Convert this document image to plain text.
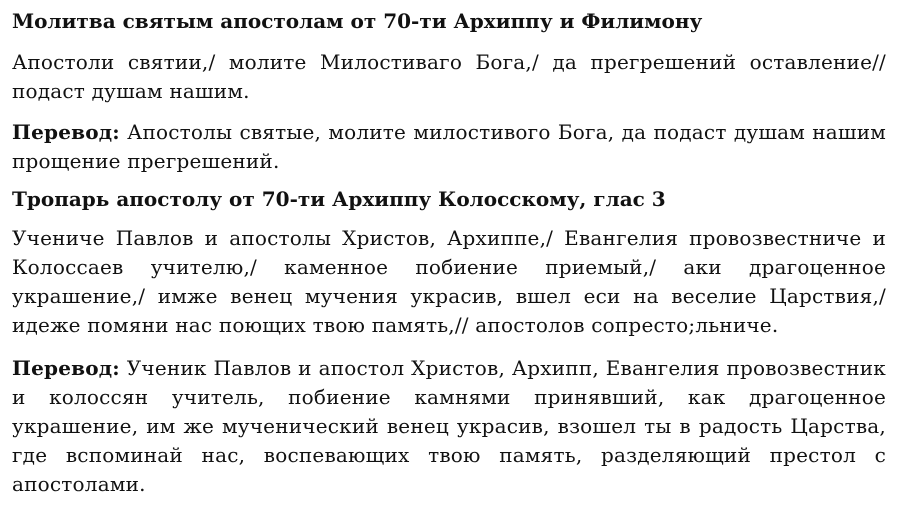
Молитва святым апостолам от 70-ти Архиппу и Филимону

Апостоли святии,/ молите Милостиваго Бога,/ да прегрешений оставление// подаст душам нашим.

Перевод: Апостолы святые, молите милостивого Бога, да подаст душам нашим прощение прегрешений.

Тропарь апостолу от 70-ти Архиппу Колосскому, глас 3

Учениче Павлов и апостолы Христов, Архиппе,/ Евангелия провозвестниче и Колоссаев учителю,/ каменное побиение приемый,/ аки драгоценное украшение,/ имже венец мучения украсив, вшел еси на веселие Царствия,/ идеже помяни нас поющих твою память,// апостолов сопресто;льниче.

Перевод: Ученик Павлов и апостол Христов, Архипп, Евангелия провозвестник и колоссян учитель, побиение камнями принявший, как драгоценное украшение, им же мученический венец украсив, взошел ты в радость Царства, где вспоминай нас, воспевающих твою память, разделяющий престол с апостолами.
